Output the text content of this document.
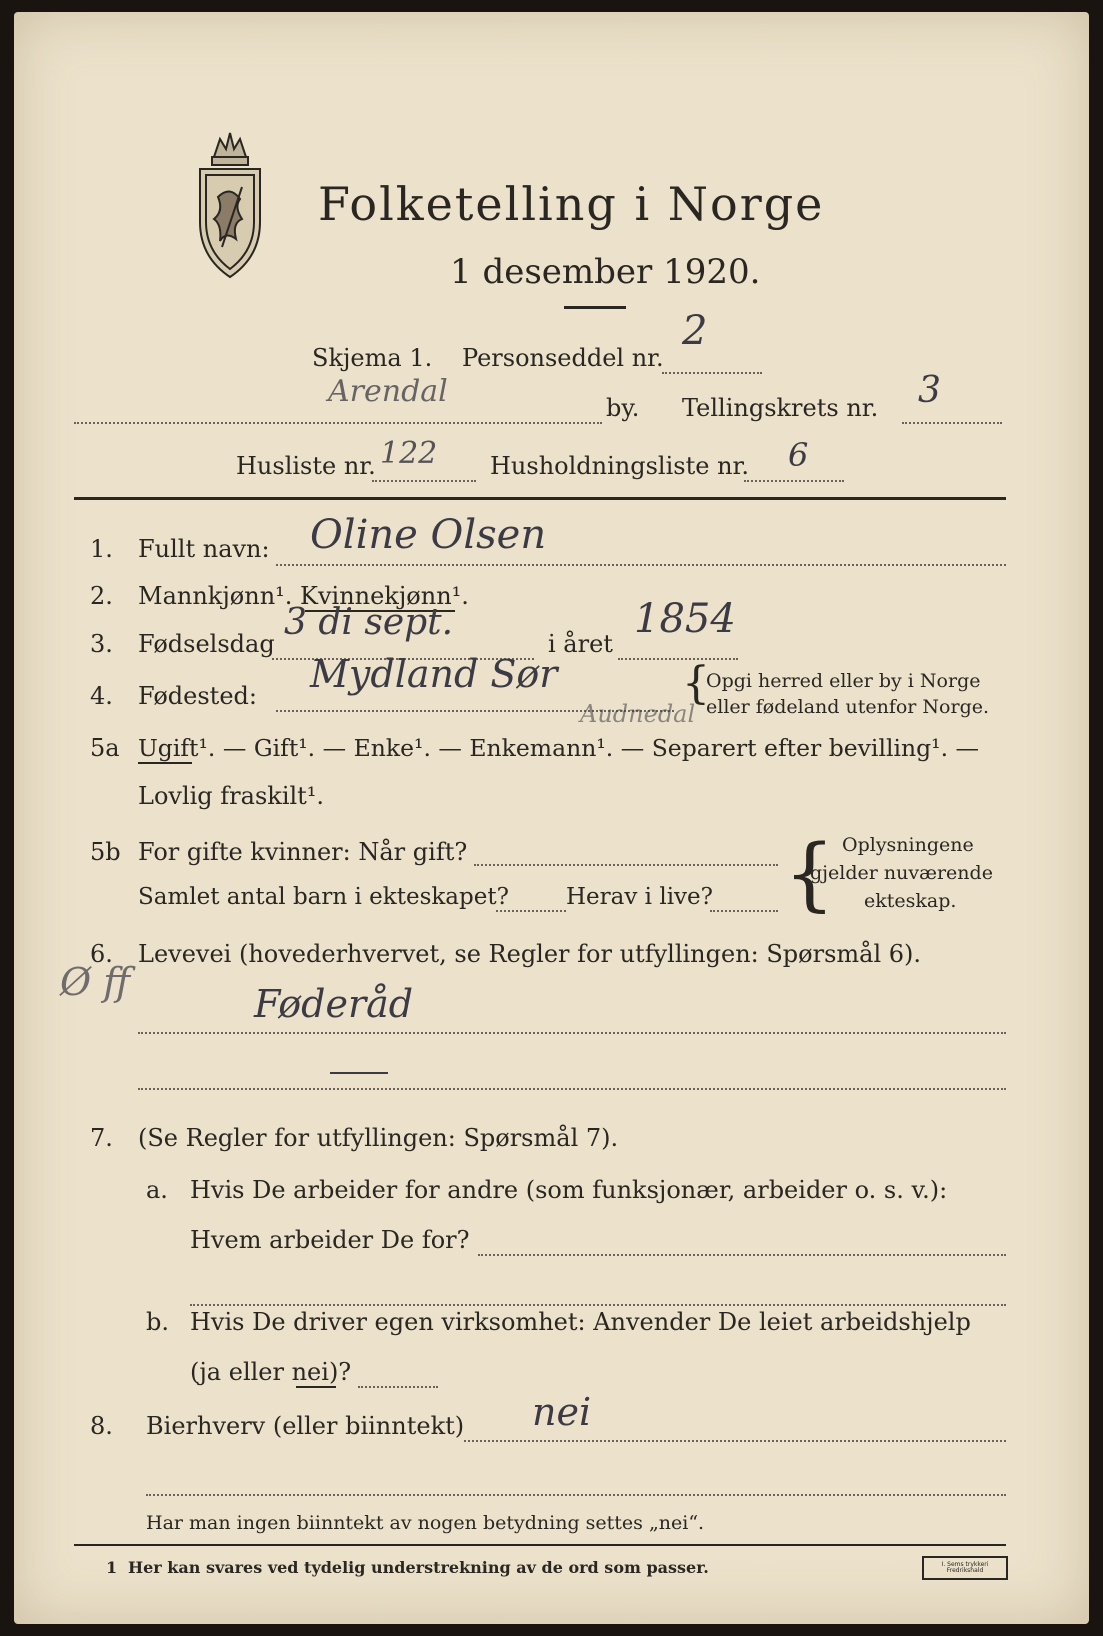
Folketelling i Norge
1 desember 1920.
Skjema 1. Personseddel nr.
2
Arendal	by. Tellingskrets nr. 3
Husliste nr. 122 Husholdningsliste nr. 6
1. Fullt navn: Oline Olsen
2. Mannkjønn¹. Kvinnekjønn¹.
3. Fødselsdag
3 di sept.
i året
1854
4. Fødested: Mydland Sør
Audnedal
{
Opgi herred eller by i Norge
eller fødeland utenfor Norge.
5a Ugift¹. — Gift¹. — Enke¹. — Enkemann¹. — Separert efter bevilling¹. —
Lovlig fraskilt¹.
5b For gifte kvinner: Når gift?
Samlet antal barn i ekteskapet? Herav i live? { Oplysningene
gjelder nuværende
ekteskap.
Ø ff
6. Levevei (hovederhvervet, se Regler for utfyllingen: Spørsmål 6).
Føderåd
7. (Se Regler for utfyllingen: Spørsmål 7).
a. Hvis De arbeider for andre (som funksjonær, arbeider o. s. v.):
Hvem arbeider De for?
b. Hvis De driver egen virksomhet: Anvender De leiet arbeidshjelp
(ja eller nei)?
8. Bierhverv (eller biinntekt) nei
Har man ingen biinntekt av nogen betydning settes „nei“.
1 Her kan svares ved tydelig understrekning av de ord som passer.	I. Sems trykkeri Fredrikshald
